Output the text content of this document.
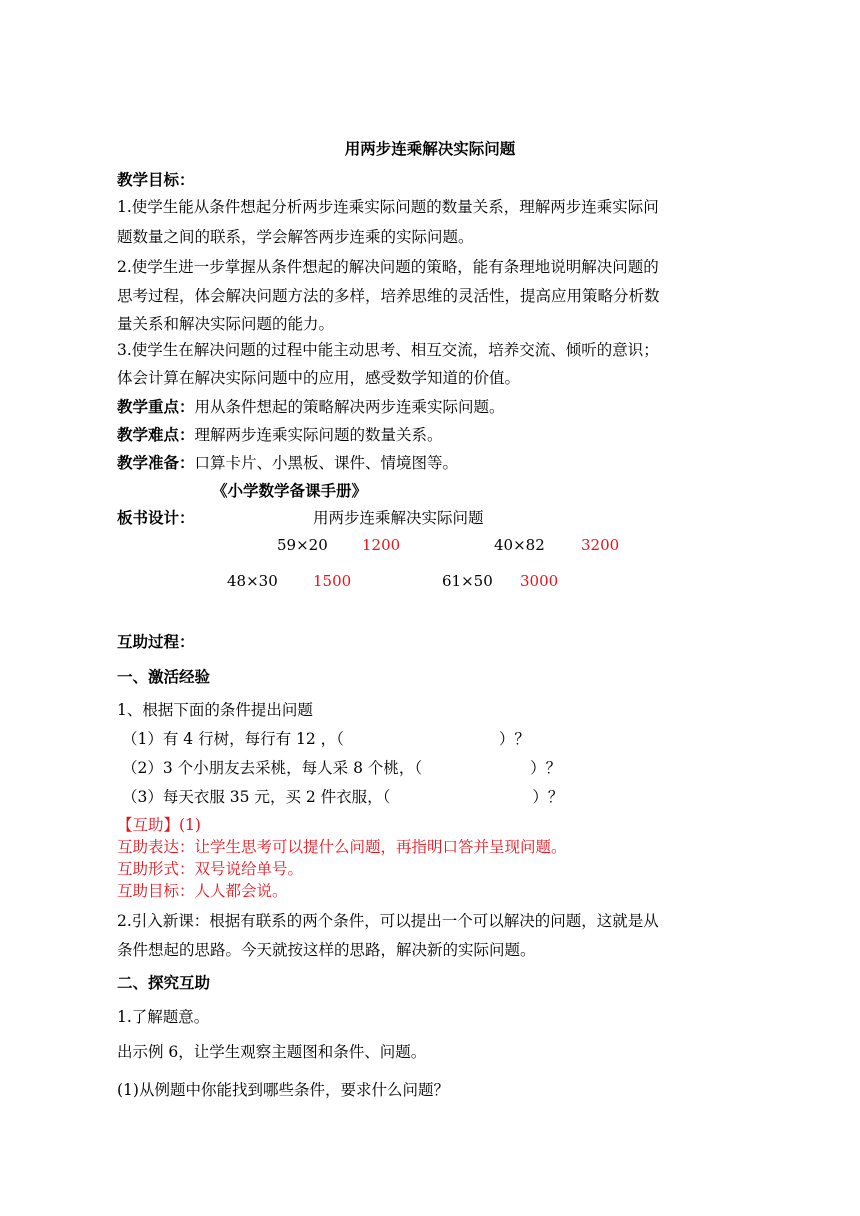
用两步连乘解决实际问题
教学目标：
1.使学生能从条件想起分析两步连乘实际问题的数量关系，理解两步连乘实际问
题数量之间的联系，学会解答两步连乘的实际问题。
2.使学生进一步掌握从条件想起的解决问题的策略，能有条理地说明解决问题的
思考过程，体会解决问题方法的多样，培养思维的灵活性，提高应用策略分析数
量关系和解决实际问题的能力。
3.使学生在解决问题的过程中能主动思考、相互交流，培养交流、倾听的意识；
体会计算在解决实际问题中的应用，感受数学知道的价值。
教学重点：用从条件想起的策略解决两步连乘实际问题。
教学难点：理解两步连乘实际问题的数量关系。
教学准备：口算卡片、小黑板、课件、情境图等。
《小学数学备课手册》
板书设计：	用两步连乘解决实际问题
59×20 1200	40×82 3200
48×30 1500	61×50 3000
互助过程：
一、激活经验
1、根据下面的条件提出问题
（1）有 4 行树，每行有 12 ，（	）？
（2）3 个小朋友去采桃，每人采 8 个桃，（	）？
（3）每天衣服 35 元，买 2 件衣服，（	）？
【互助】(1)
互助表达：让学生思考可以提什么问题，再指明口答并呈现问题。
互助形式：双号说给单号。
互助目标：人人都会说。
2.引入新课：根据有联系的两个条件，可以提出一个可以解决的问题，这就是从
条件想起的思路。今天就按这样的思路，解决新的实际问题。
二、探究互助
1.了解题意。
出示例 6，让学生观察主题图和条件、问题。
(1)从例题中你能找到哪些条件，要求什么问题？
